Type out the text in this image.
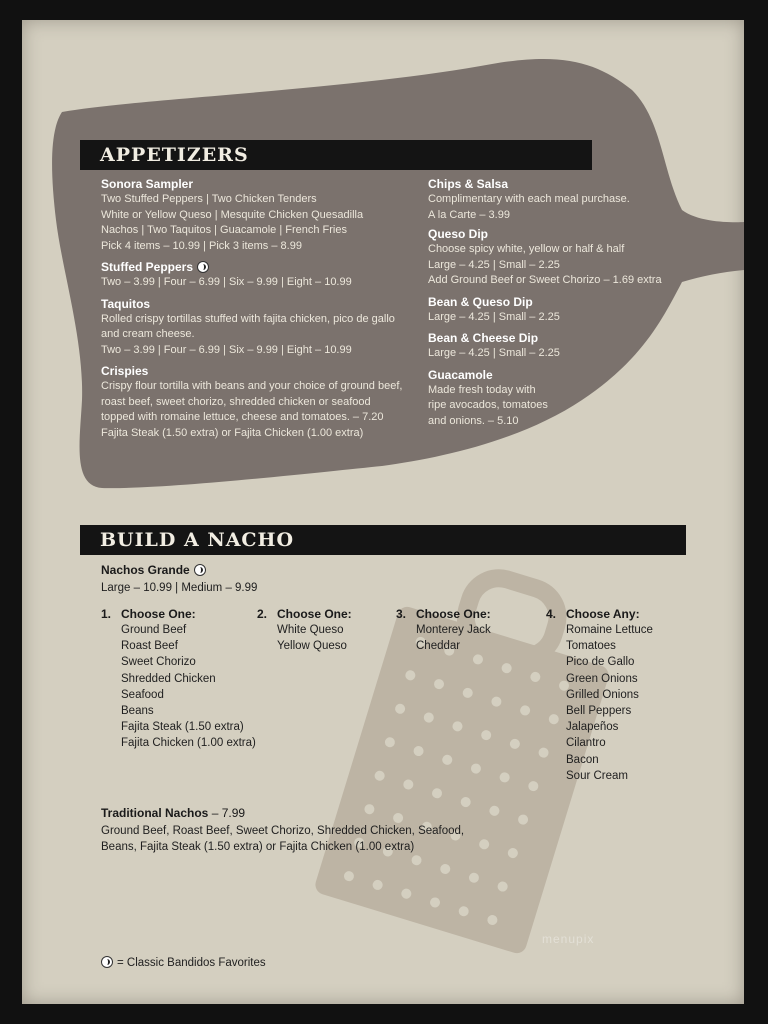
APPETIZERS

Sonora Sampler

Two Stuffed Peppers | Two Chicken Tenders

White or Yellow Queso | Mesquite Chicken Quesadilla

Nachos | Two Taquitos | Guacamole | French Fries

Pick 4 items – 10.99 | Pick 3 items – 8.99

Stuffed Peppers

Two – 3.99 | Four – 6.99 | Six – 9.99 | Eight – 10.99

Taquitos

Rolled crispy tortillas stuffed with fajita chicken, pico de gallo

and cream cheese.

Two – 3.99 | Four – 6.99 | Six – 9.99 | Eight – 10.99

Crispies

Crispy flour tortilla with beans and your choice of ground beef,

roast beef, sweet chorizo, shredded chicken or seafood

topped with romaine lettuce, cheese and tomatoes. – 7.20

Fajita Steak (1.50 extra) or Fajita Chicken (1.00 extra)

Chips & Salsa

Complimentary with each meal purchase.

A la Carte – 3.99

Queso Dip

Choose spicy white, yellow or half & half

Large – 4.25 | Small – 2.25

Add Ground Beef or Sweet Chorizo – 1.69 extra

Bean & Queso Dip

Large – 4.25 | Small – 2.25

Bean & Cheese Dip

Large – 4.25 | Small – 2.25

Guacamole

Made fresh today with

ripe avocados, tomatoes

and onions. – 5.10

BUILD A NACHO

Nachos Grande

Large – 10.99 | Medium – 9.99

1. Choose One:

Ground Beef
Roast Beef
Sweet Chorizo
Shredded Chicken
Seafood
Beans
Fajita Steak (1.50 extra)
Fajita Chicken (1.00 extra)

2. Choose One:

White Queso
Yellow Queso

3. Choose One:

Monterey Jack
Cheddar

4. Choose Any:

Romaine Lettuce
Tomatoes
Pico de Gallo
Green Onions
Grilled Onions
Bell Peppers
Jalapeños
Cilantro
Bacon
Sour Cream

Traditional Nachos – 7.99

Ground Beef, Roast Beef, Sweet Chorizo, Shredded Chicken, Seafood,

Beans, Fajita Steak (1.50 extra) or Fajita Chicken (1.00 extra)

= Classic Bandidos Favorites
menupix
